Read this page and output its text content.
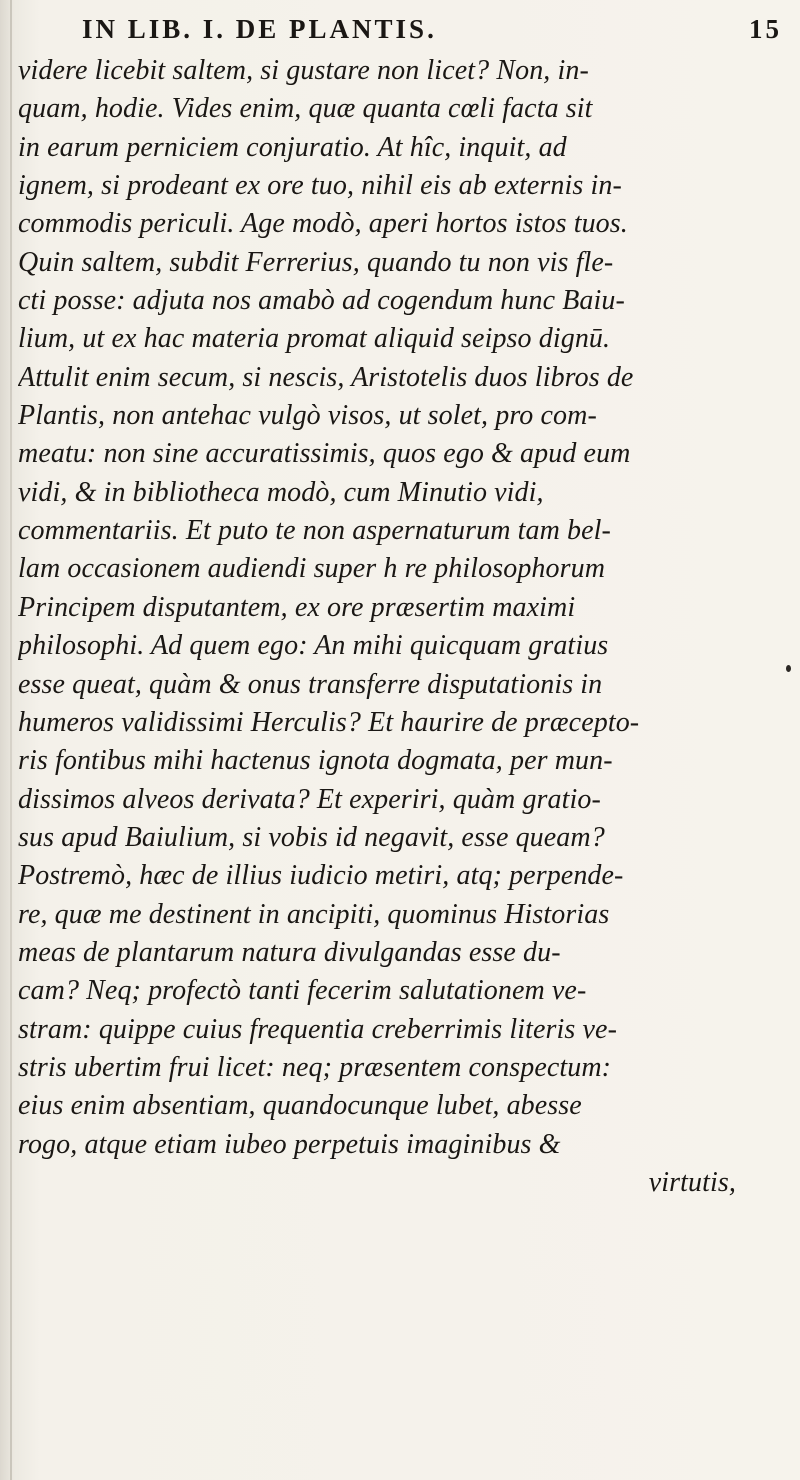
IN LIB. I. DE PLANTIS.	15
videre licebit saltem, si gustare non licet? Non, in-
quam, hodie. Vides enim, quæ quanta cœli facta sit
in earum perniciem conjuratio. At hîc, inquit, ad
ignem, si prodeant ex ore tuo, nihil eis ab externis in-
commodis periculi. Age modò, aperi hortos istos tuos.
Quin saltem, subdit Ferrerius, quando tu non vis fle-
cti posse: adjuta nos amabò ad cogendum hunc Baiu-
lium, ut ex hac materia promat aliquid seipso dignū.
Attulit enim secum, si nescis, Aristotelis duos libros de
Plantis, non antehac vulgò visos, ut solet, pro com-
meatu: non sine accuratissimis, quos ego & apud eum
vidi, & in bibliotheca modò, cum Minutio vidi,
commentariis. Et puto te non aspernaturum tam bel-
lam occasionem audiendi super h re philosophorum
Principem disputantem, ex ore præsertim maximi
philosophi. Ad quem ego: An mihi quicquam gratius
esse queat, quàm & onus transferre disputationis in
humeros validissimi Herculis? Et haurire de præcepto-
ris fontibus mihi hactenus ignota dogmata, per mun-
dissimos alveos derivata? Et experiri, quàm gratio-
sus apud Baiulium, si vobis id negavit, esse queam?
Postremò, hæc de illius iudicio metiri, atq; perpende-
re, quæ me destinent in ancipiti, quominus Historias
meas de plantarum natura divulgandas esse du-
cam? Neq; profectò tanti fecerim salutationem ve-
stram: quippe cuius frequentia creberrimis literis ve-
stris ubertim frui licet: neq; præsentem conspectum:
eius enim absentiam, quandocunque lubet, abesse
rogo, atque etiam iubeo perpetuis imaginibus &
virtutis,
